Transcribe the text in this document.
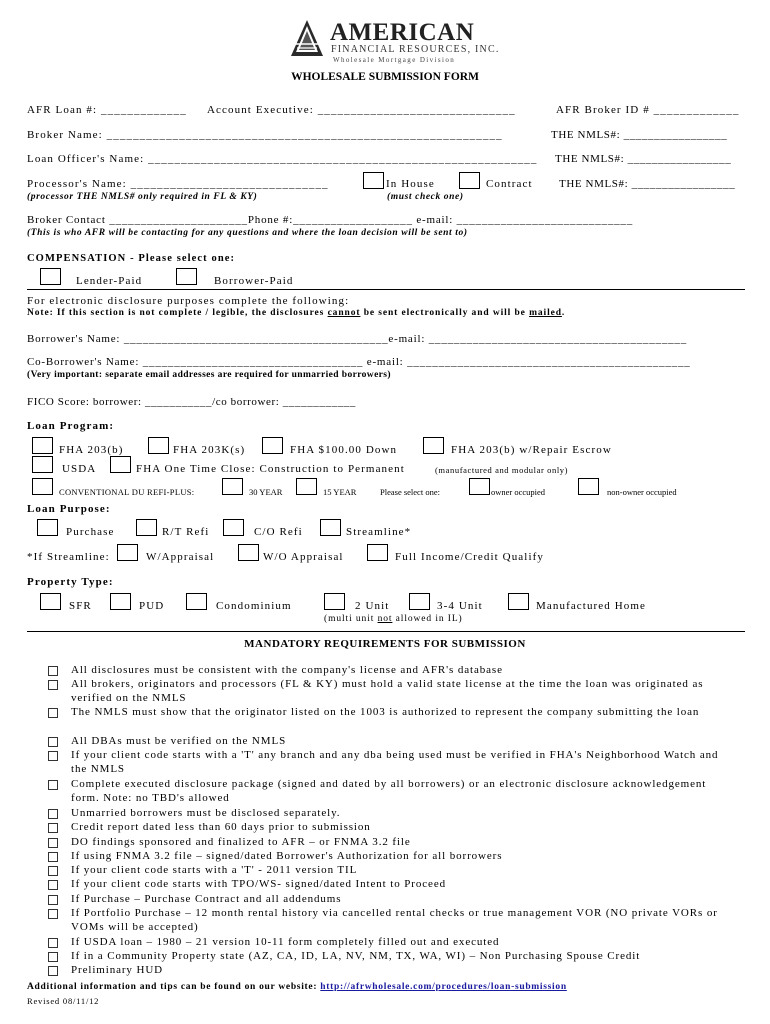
AMERICAN
FINANCIAL RESOURCES, INC.
Wholesale Mortgage Division
WHOLESALE SUBMISSION FORM
AFR Loan #: _____________ Account Executive: ______________________________	AFR Broker ID # _____________
Broker Name: ____________________________________________________________	THE NMLS#: _________________
Loan Officer's Name: ___________________________________________________________ THE NMLS#: _________________
Processor's Name: ______________________________	In House	Contract THE NMLS#: _________________
(processor THE NMLS# only required in FL & KY)	(must check one)
Broker Contact ______________________Phone #:___________________ e-mail: ____________________________
(This is who AFR will be contacting for any questions and where the loan decision will be sent to)
COMPENSATION - Please select one:
Lender-Paid	Borrower-Paid
For electronic disclosure purposes complete the following:
Note: If this section is not complete / legible, the disclosures cannot be sent electronically and will be mailed.
Borrower's Name: __________________________________________e-mail: _________________________________________
Co-Borrower's Name: ___________________________________ e-mail: _____________________________________________
(Very important: separate email addresses are required for unmarried borrowers)
FICO Score: borrower: ___________/co borrower: ____________
Loan Program:
FHA 203(b)	FHA 203K(s)	FHA $100.00 Down	FHA 203(b) w/Repair Escrow
USDA	FHA One Time Close: Construction to Permanent	(manufactured and modular only)
CONVENTIONAL DU REFI-PLUS:	30 YEAR	15 YEAR	Please select one:	owner occupied	non-owner occupied
Loan Purpose:
Purchase	R/T Refi	C/O Refi	Streamline*
*If Streamline:	W/Appraisal	W/O Appraisal	Full Income/Credit Qualify
Property Type:
SFR	PUD	Condominium	2 Unit	3-4 Unit	Manufactured Home
(multi unit not allowed in IL)
MANDATORY REQUIREMENTS FOR SUBMISSION
All disclosures must be consistent with the company's license and AFR's database
All brokers, originators and processors (FL & KY) must hold a valid state license at the time the loan was originated as verified on the NMLS
The NMLS must show that the originator listed on the 1003 is authorized to represent the company submitting the loan
All DBAs must be verified on the NMLS
If your client code starts with a 'T' any branch and any dba being used must be verified in FHA's Neighborhood Watch and the NMLS
Complete executed disclosure package (signed and dated by all borrowers) or an electronic disclosure acknowledgement form. Note: no TBD's allowed
Unmarried borrowers must be disclosed separately.
Credit report dated less than 60 days prior to submission
DO findings sponsored and finalized to AFR – or FNMA 3.2 file
If using FNMA 3.2 file – signed/dated Borrower's Authorization for all borrowers
If your client code starts with a 'T' - 2011 version TIL
If your client code starts with TPO/WS- signed/dated Intent to Proceed
If Purchase – Purchase Contract and all addendums
If Portfolio Purchase – 12 month rental history via cancelled rental checks or true management VOR (NO private VORs or VOMs will be accepted)
If USDA loan – 1980 – 21 version 10-11 form completely filled out and executed
If in a Community Property state (AZ, CA, ID, LA, NV, NM, TX, WA, WI) – Non Purchasing Spouse Credit
Preliminary HUD
Additional information and tips can be found on our website: http://afrwholesale.com/procedures/loan-submission
Revised 08/11/12
